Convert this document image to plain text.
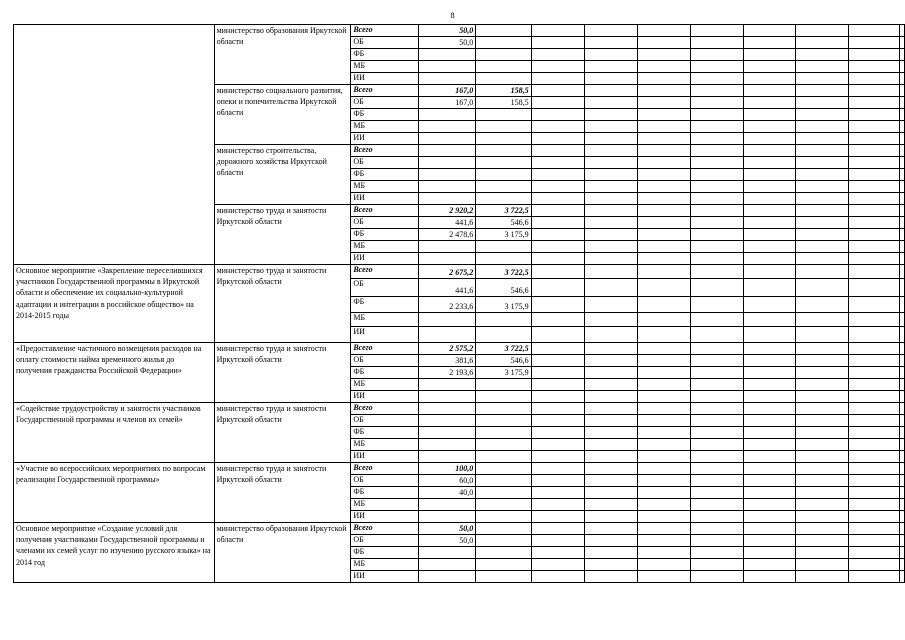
8
	министерство образования Иркутской области	Всего	50,0									
		ОБ	50,0									
		ФБ										
		МБ										
		ИИ										
	министерство социального развития, опеки и попечительства Иркутской области	Всего	167,0	158,5								
		ОБ	167,0	158,5								
		ФБ										
		МБ										
		ИИ										
	министерство строительства, дорожного хозяйства Иркутской области	Всего										
		ОБ										
		ФБ										
		МБ										
		ИИ										
	министерство труда и занятости Иркутской области	Всего	2 920,2	3 722,5								
		ОБ	441,6	546,6								
		ФБ	2 478,6	3 175,9								
		МБ										
		ИИ										
Основное мероприятие «Закрепление переселившихся участников Государственной программы в Иркутской области и обеспечение их социально-культурной адаптации и интеграции в российское общество» на 2014-2015 годы	министерство труда и занятости Иркутской области	Всего	2 675,2	3 722,5								
		ОБ	441,6	546,6								
		ФБ	2 233,6	3 175,9								
		МБ										
		ИИ										
«Предоставление частичного возмещения расходов на оплату стоимости найма временного жилья до получения гражданства Российской Федерации»	министерство труда и занятости Иркутской области	Всего	2 575,2	3 722,5								
		ОБ	381,6	546,6								
		ФБ	2 193,6	3 175,9								
		МБ										
		ИИ										
«Содействие трудоустройству и занятости участников Государственной программы и членов их семей»	министерство труда и занятости Иркутской области	Всего										
		ОБ										
		ФБ										
		МБ										
		ИИ										
«Участие во всероссийских мероприятиях по вопросам реализации Государственной программы»	министерство труда и занятости Иркутской области	Всего	100,0									
		ОБ	60,0									
		ФБ	40,0									
		МБ										
		ИИ										
Основное мероприятие «Создание условий для получения участниками Государственной программы и членами их семей услуг по изучению русского языка» на 2014 год	министерство образования Иркутской области	Всего	50,0									
		ОБ	50,0									
		ФБ										
		МБ										
		ИИ										
